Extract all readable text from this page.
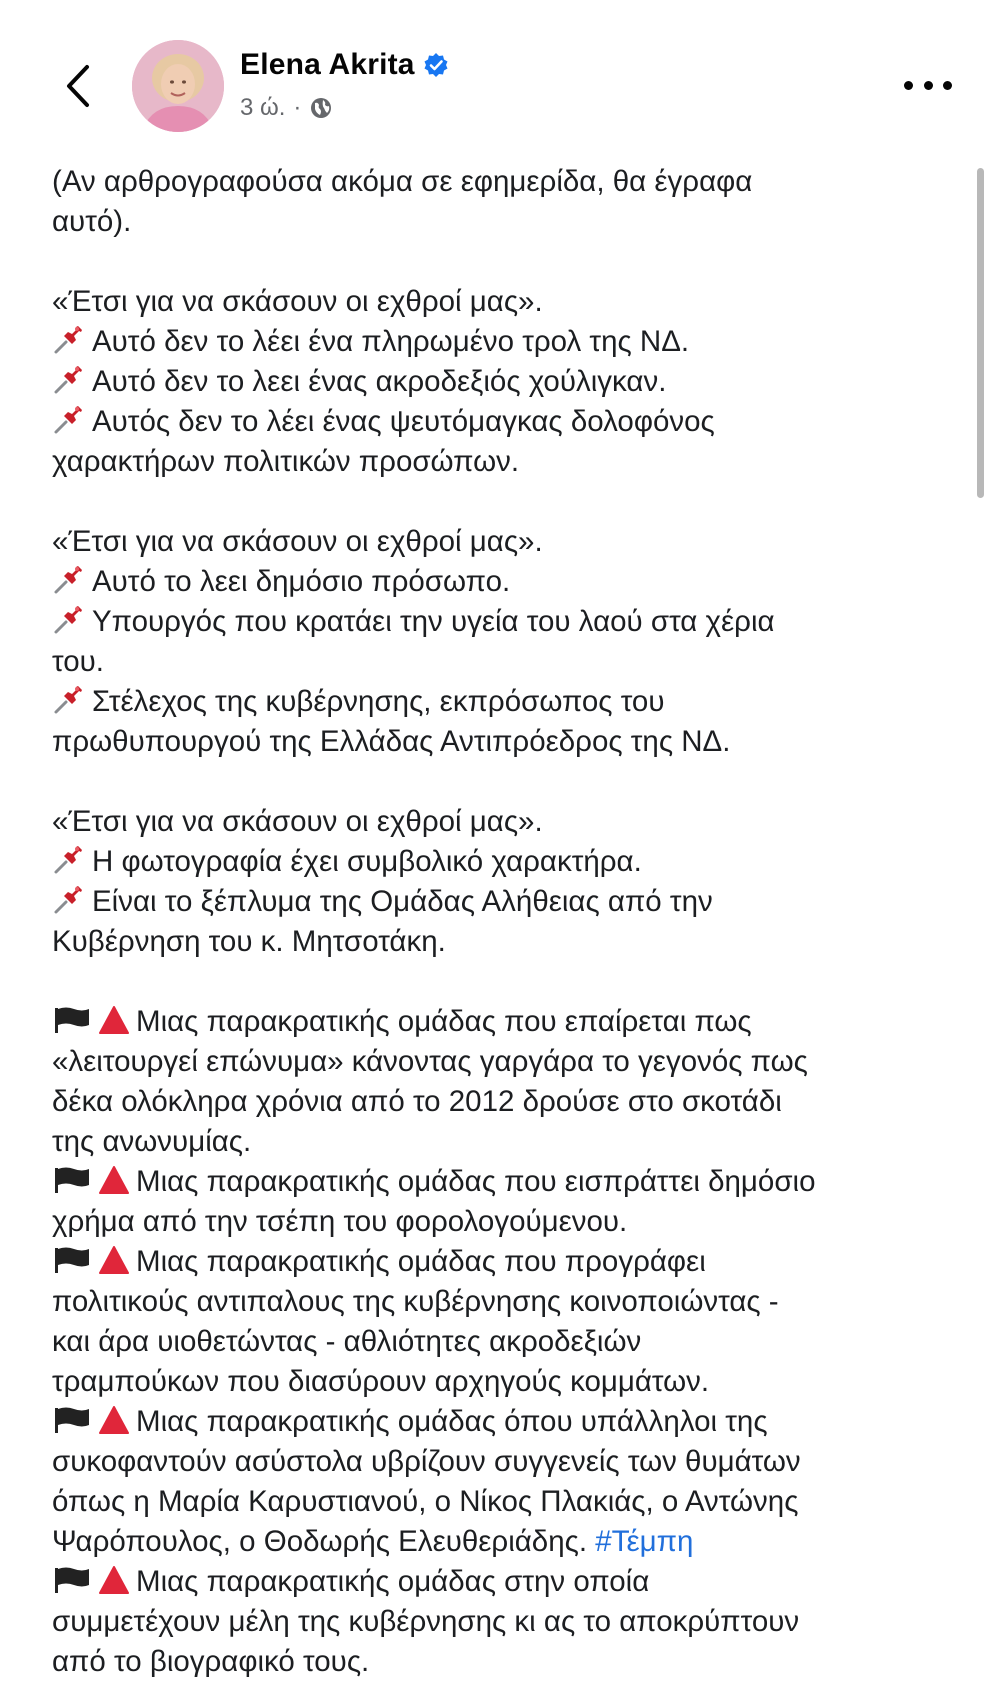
Elena Akrita
3 ώ. ·

(Αν αρθρογραφούσα ακόμα σε εφημερίδα, θα έγραφα

αυτό).

«Έτσι για να σκάσουν οι εχθροί μας».

Αυτό δεν το λέει ένα πληρωμένο τρολ της ΝΔ.

Αυτό δεν το λεει ένας ακροδεξιός χούλιγκαν.

Αυτός δεν το λέει ένας ψευτόμαγκας δολοφόνος

χαρακτήρων πολιτικών προσώπων.

«Έτσι για να σκάσουν οι εχθροί μας».

Αυτό το λεει δημόσιο πρόσωπο.

Υπουργός που κρατάει την υγεία του λαού στα χέρια

του.

Στέλεχος της κυβέρνησης, εκπρόσωπος του

πρωθυπουργού της Ελλάδας Αντιπρόεδρος της ΝΔ.

«Έτσι για να σκάσουν οι εχθροί μας».

Η φωτογραφία έχει συμβολικό χαρακτήρα.

Είναι το ξέπλυμα της Ομάδας Αλήθειας από την

Κυβέρνηση του κ. Μητσοτάκη.

Μιας παρακρατικής ομάδας που επαίρεται πως

«λειτουργεί επώνυμα» κάνοντας γαργάρα το γεγονός πως

δέκα ολόκληρα χρόνια από το 2012 δρούσε στο σκοτάδι

της ανωνυμίας.

Μιας παρακρατικής ομάδας που εισπράττει δημόσιο

χρήμα από την τσέπη του φορολογούμενου.

Μιας παρακρατικής ομάδας που προγράφει

πολιτικούς αντιπαλους της κυβέρνησης κοινοποιώντας -

και άρα υιοθετώντας - αθλιότητες ακροδεξιών

τραμπούκων που διασύρουν αρχηγούς κομμάτων.

Μιας παρακρατικής ομάδας όπου υπάλληλοι της

συκοφαντούν ασύστολα υβρίζουν συγγενείς των θυμάτων

όπως η Μαρία Καρυστιανού, ο Νίκος Πλακιάς, ο Αντώνης

Ψαρόπουλος, ο Θοδωρής Ελευθεριάδης. #Τέμπη

Μιας παρακρατικής ομάδας στην οποία

συμμετέχουν μέλη της κυβέρνησης κι ας το αποκρύπτουν

από το βιογραφικό τους.
